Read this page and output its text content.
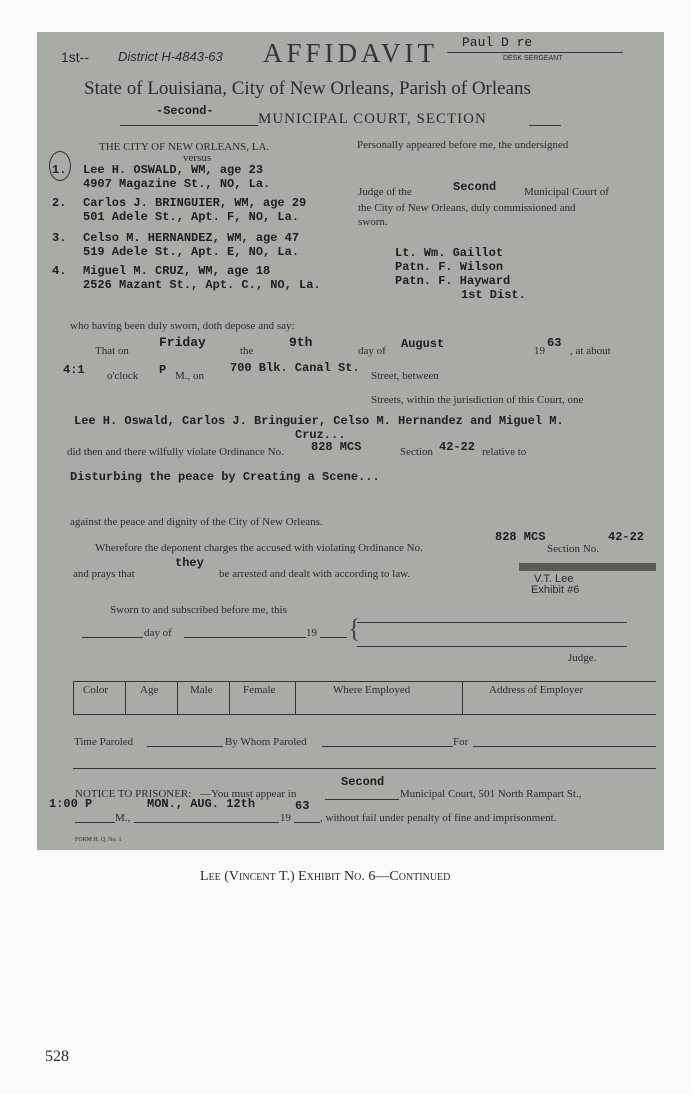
1st-- District H-4843-63 AFFIDAVIT Paul D re
DESK SERGEANT
State of Louisiana, City of New Orleans, Parish of Orleans
-Second-	MUNICIPAL COURT, SECTION
THE CITY OF NEW ORLEANS, LA.
versus
1. Lee H. OSWALD, WM, age 23
4907 Magazine St., NO, La.
2. Carlos J. BRINGUIER, WM, age 29
501 Adele St., Apt. F, NO, La.
3. Celso M. HERNANDEZ, WM, age 47
519 Adele St., Apt. E, NO, La.
4. Miguel M. CRUZ, WM, age 18
2526 Mazant St., Apt. C., NO, La.
Personally appeared before me, the undersigned
Judge of the	Second	Municipal Court of
the City of New Orleans, duly commissioned and
sworn.
Lt. Wm. Gaillot
Patn. F. Wilson
Patn. F. Hayward
1st Dist.
who having been duly sworn, doth depose and say:
That on
Friday
the
9th
day of August	19
63
, at about
4:1 o'clock P M., on
700 Blk. Canal St.
Street, between
Streets, within the jurisdiction of this Court, one
Lee H. Oswald, Carlos J. Bringuier, Celso M. Hernandez and Miguel M.
Cruz...
did then and there wilfully violate Ordinance No. 828 MCS	Section 42-22 relative to
Disturbing the peace by Creating a Scene...
against the peace and dignity of the City of New Orleans.
Wherefore the deponent charges the accused with violating Ordinance No.
828 MCS
Section No.
42-22
and prays that
they
be arrested and dealt with according to law.	V.T. Lee
Exhibit #6
Sworn to and subscribed before me, this
day of	19 {
Judge.
Color	Age	Male	Female	Where Employed	Address of Employer
Time Paroled	By Whom Paroled	For
Second
NOTICE TO PRISONER: —You must appear in	Municipal Court, 501 North Rampart St.,
1:00 P	MON., AUG. 12th	63
M.,	19	, without fail under penalty of fine and imprisonment.
FORM H. Q. No. 1
Lee (Vincent T.) Exhibit No. 6—Continued
528
